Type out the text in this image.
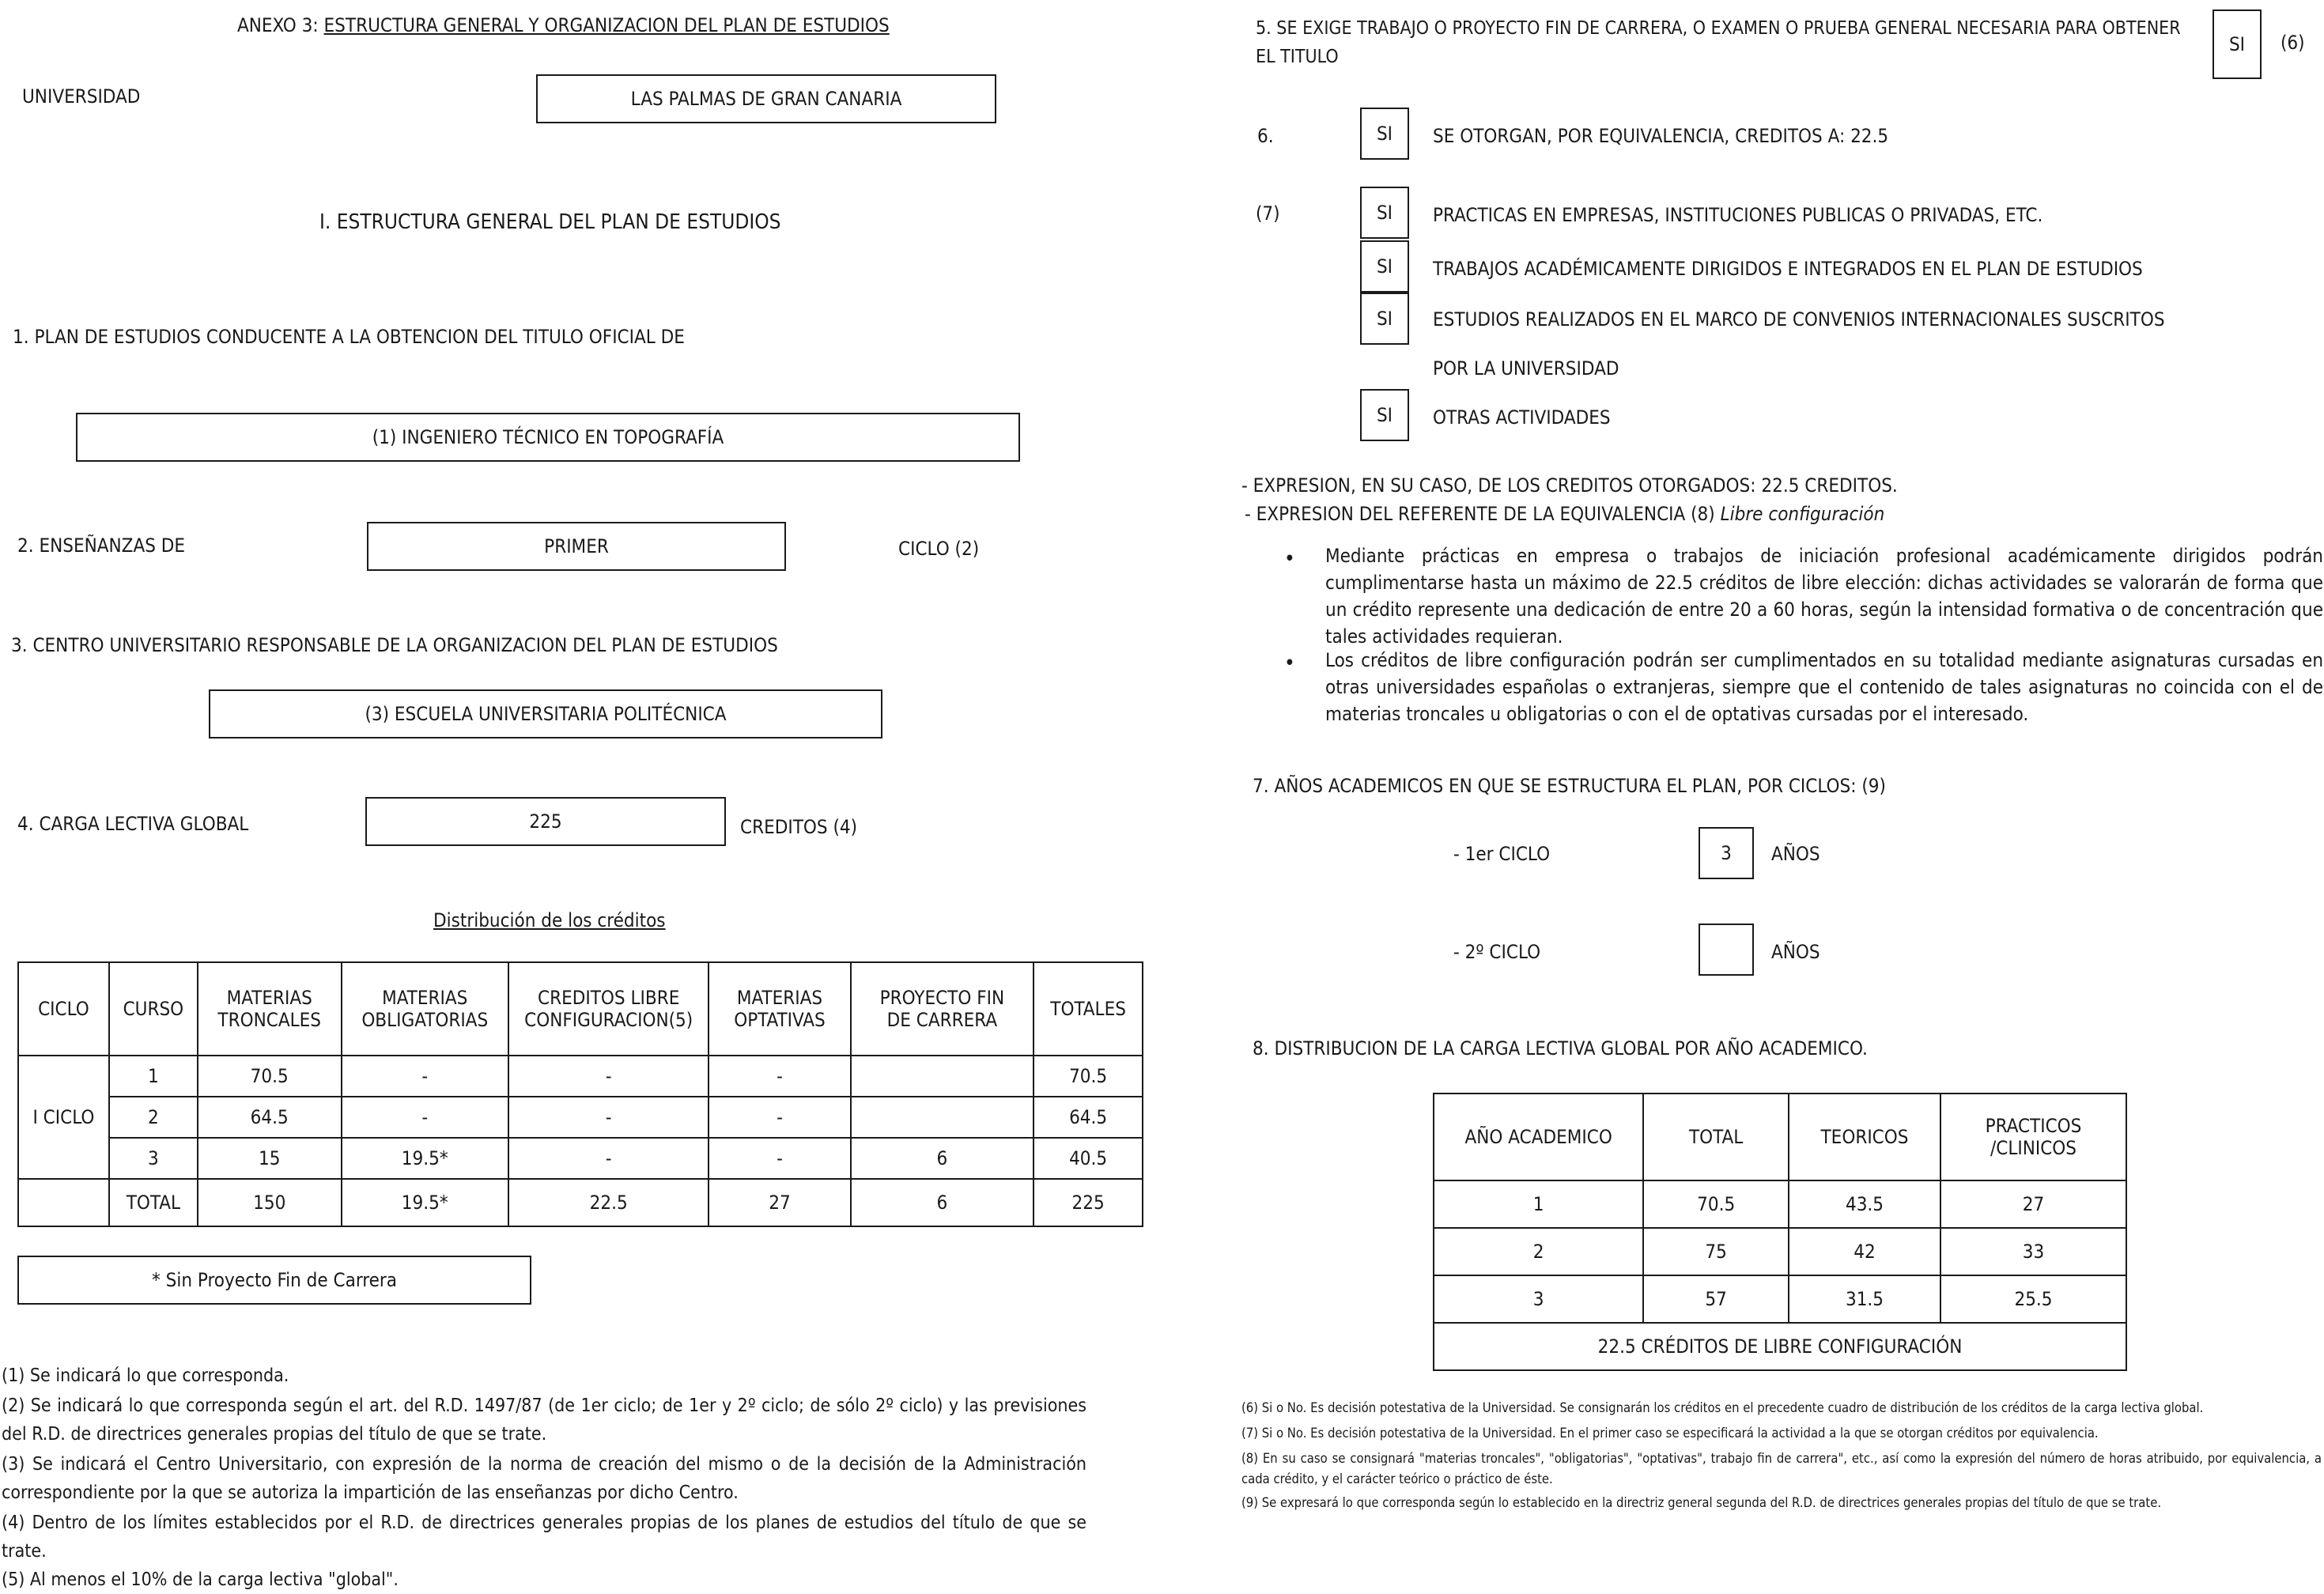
ANEXO 3: ESTRUCTURA GENERAL Y ORGANIZACION DEL PLAN DE ESTUDIOS
UNIVERSIDAD	LAS PALMAS DE GRAN CANARIA
I. ESTRUCTURA GENERAL DEL PLAN DE ESTUDIOS
1. PLAN DE ESTUDIOS CONDUCENTE A LA OBTENCION DEL TITULO OFICIAL DE
(1) INGENIERO TÉCNICO EN TOPOGRAFÍA
2. ENSEÑANZAS DE	PRIMER	CICLO (2)
3. CENTRO UNIVERSITARIO RESPONSABLE DE LA ORGANIZACION DEL PLAN DE ESTUDIOS
(3) ESCUELA UNIVERSITARIA POLITÉCNICA
4. CARGA LECTIVA GLOBAL	225	CREDITOS (4)
Distribución de los créditos
CICLO	CURSO	MATERIAS TRONCALES	MATERIAS OBLIGATORIAS	CREDITOS LIBRE CONFIGURACION(5)	MATERIAS OPTATIVAS	PROYECTO FIN DE CARRERA	TOTALES
I CICLO	1	70.5	-	-	-		70.5
	2	64.5	-	-	-		64.5
	3	15	19.5*	-	-	6	40.5
	TOTAL	150	19.5*	22.5	27	6	225
* Sin Proyecto Fin de Carrera
(1) Se indicará lo que corresponda.
(2) Se indicará lo que corresponda según el art. del R.D. 1497/87 (de 1er ciclo; de 1er y 2º ciclo; de sólo 2º ciclo) y las previsiones del R.D. de directrices generales propias del título de que se trate.
(3) Se indicará el Centro Universitario, con expresión de la norma de creación del mismo o de la decisión de la Administración correspondiente por la que se autoriza la impartición de las enseñanzas por dicho Centro.
(4) Dentro de los límites establecidos por el R.D. de directrices generales propias de los planes de estudios del título de que se trate.
(5) Al menos el 10% de la carga lectiva "global".
5. SE EXIGE TRABAJO O PROYECTO FIN DE CARRERA, O EXAMEN O PRUEBA GENERAL NECESARIA PARA OBTENER EL TITULO
SI (6)
6.	SI SE OTORGAN, POR EQUIVALENCIA, CREDITOS A: 22.5
(7)	SI PRACTICAS EN EMPRESAS, INSTITUCIONES PUBLICAS O PRIVADAS, ETC.
SI TRABAJOS ACADÉMICAMENTE DIRIGIDOS E INTEGRADOS EN EL PLAN DE ESTUDIOS
SI ESTUDIOS REALIZADOS EN EL MARCO DE CONVENIOS INTERNACIONALES SUSCRITOS
POR LA UNIVERSIDAD
SI OTRAS ACTIVIDADES
- EXPRESION, EN SU CASO, DE LOS CREDITOS OTORGADOS: 22.5 CREDITOS.
- EXPRESION DEL REFERENTE DE LA EQUIVALENCIA (8) Libre configuración
• Mediante prácticas en empresa o trabajos de iniciación profesional académicamente dirigidos podrán cumplimentarse hasta un máximo de 22.5 créditos de libre elección: dichas actividades se valorarán de forma que un crédito represente una dedicación de entre 20 a 60 horas, según la intensidad formativa o de concentración que tales actividades requieran.
• Los créditos de libre configuración podrán ser cumplimentados en su totalidad mediante asignaturas cursadas en otras universidades españolas o extranjeras, siempre que el contenido de tales asignaturas no coincida con el de materias troncales u obligatorias o con el de optativas cursadas por el interesado.
7. AÑOS ACADEMICOS EN QUE SE ESTRUCTURA EL PLAN, POR CICLOS: (9)
- 1er CICLO	3 AÑOS
- 2º CICLO	AÑOS
8. DISTRIBUCION DE LA CARGA LECTIVA GLOBAL POR AÑO ACADEMICO.
AÑO ACADEMICO	TOTAL	TEORICOS	PRACTICOS /CLINICOS
1	70.5	43.5	27
2	75	42	33
3	57	31.5	25.5
22.5 CRÉDITOS DE LIBRE CONFIGURACIÓN			
(6) Si o No. Es decisión potestativa de la Universidad. Se consignarán los créditos en el precedente cuadro de distribución de los créditos de la carga lectiva global.
(7) Si o No. Es decisión potestativa de la Universidad. En el primer caso se especificará la actividad a la que se otorgan créditos por equivalencia.
(8) En su caso se consignará "materias troncales", "obligatorias", "optativas", trabajo fin de carrera", etc., así como la expresión del número de horas atribuido, por equivalencia, a cada crédito, y el carácter teórico o práctico de éste.
(9) Se expresará lo que corresponda según lo establecido en la directriz general segunda del R.D. de directrices generales propias del título de que se trate.
